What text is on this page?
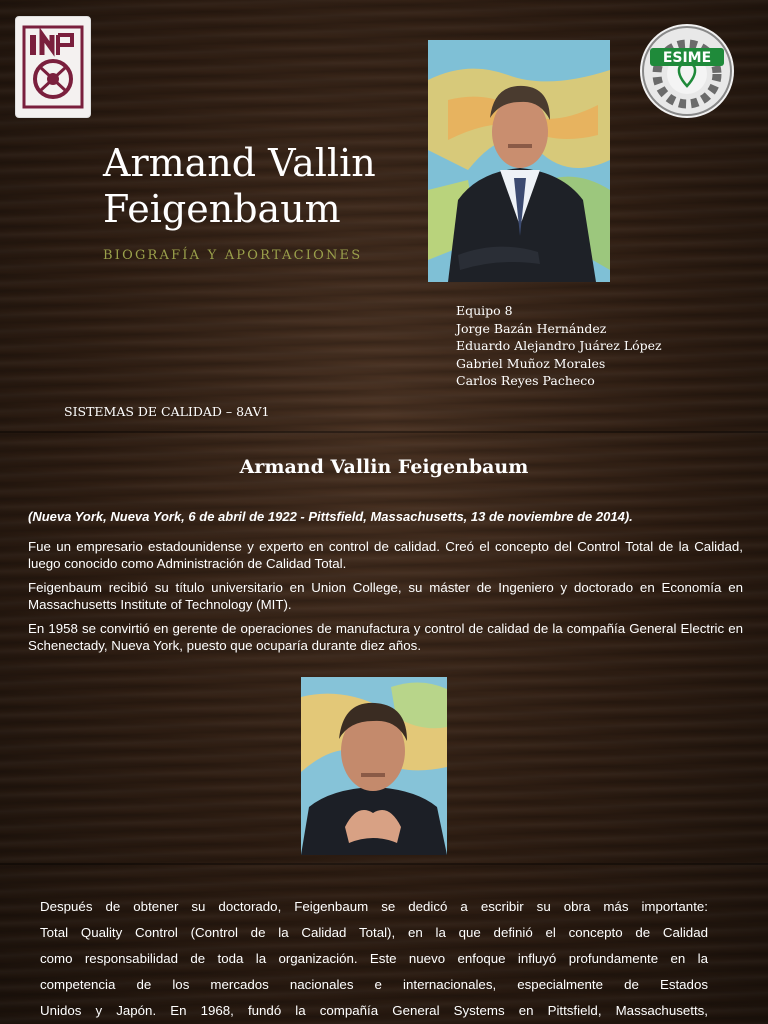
Armand Vallin
Feigenbaum
BIOGRAFÍA Y APORTACIONES
ESIME
Equipo 8
Jorge Bazán Hernández
Eduardo Alejandro Juárez López
Gabriel Muñoz Morales
Carlos Reyes Pacheco
SISTEMAS DE CALIDAD – 8AV1
Armand Vallin Feigenbaum
(Nueva York, Nueva York, 6 de abril de 1922 - Pittsfield, Massachusetts, 13 de noviembre de 2014).

Fue un empresario estadounidense y experto en control de calidad. Creó el concepto del Control Total de la Calidad, luego conocido como Administración de Calidad Total.

Feigenbaum recibió su título universitario en Union College, su máster de Ingeniero y doctorado en Economía en Massachusetts Institute of Technology (MIT).

En 1958 se convirtió en gerente de operaciones de manufactura y control de calidad de la compañía General Electric en Schenectady, Nueva York, puesto que ocuparía durante diez años.

Después de obtener su doctorado, Feigenbaum se dedicó a escribir su obra más importante:
Total Quality Control (Control de la Calidad Total), en la que definió el concepto de Calidad
como responsabilidad de toda la organización. Este nuevo enfoque influyó profundamente en la
competencia de los mercados nacionales e internacionales, especialmente de Estados
Unidos y Japón. En 1968, fundó la compañía General Systems en Pittsfield, Massachusetts,
